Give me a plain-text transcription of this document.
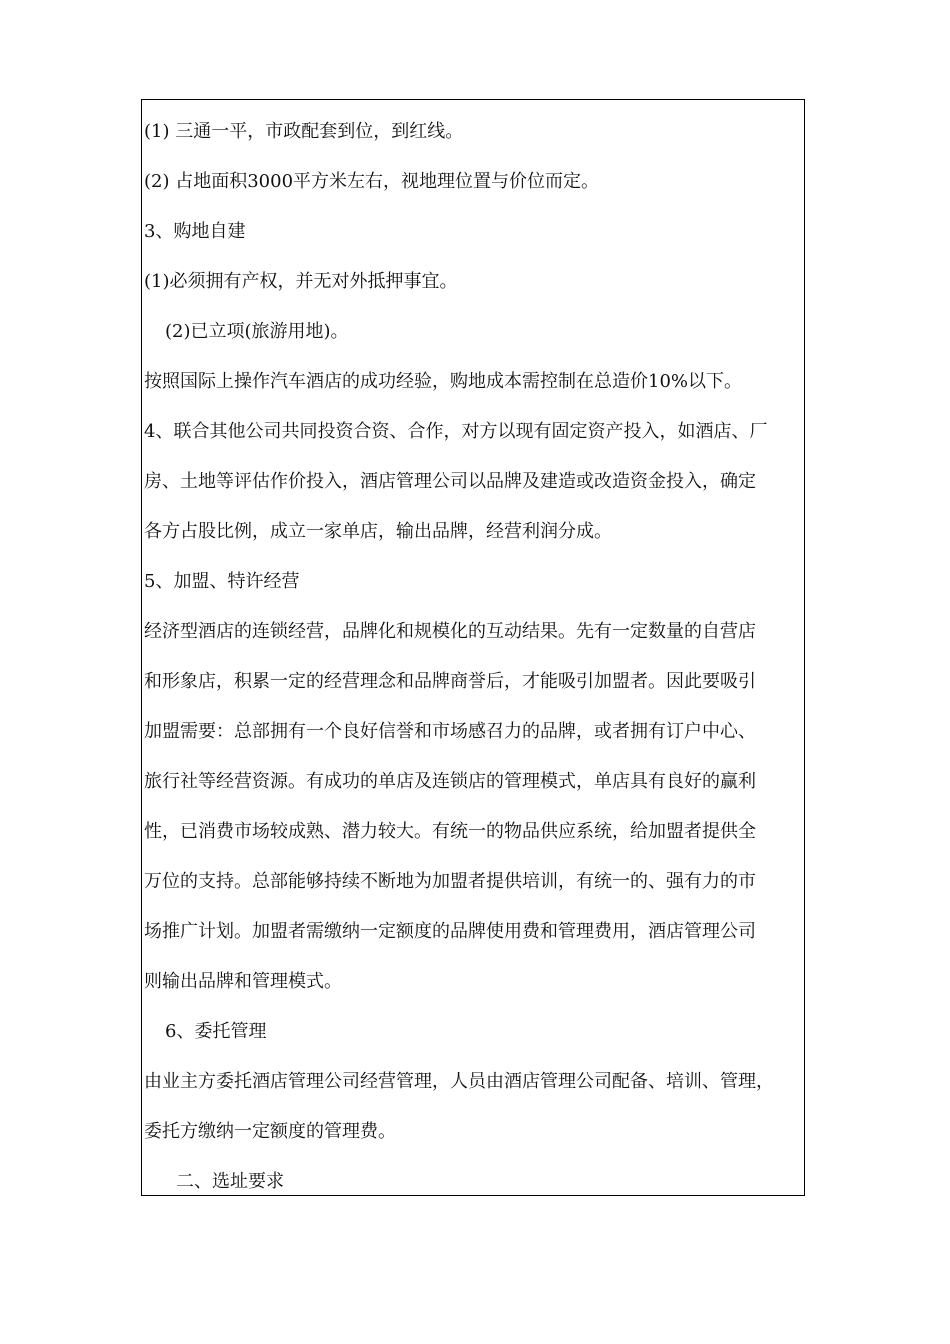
(1) 三通一平，市政配套到位，到红线。
(2) 占地面积3000平方米左右，视地理位置与价位而定。
3、购地自建
(1)必须拥有产权，并无对外抵押事宜。
(2)已立项(旅游用地)。
按照国际上操作汽车酒店的成功经验，购地成本需控制在总造价10%以下。
4、联合其他公司共同投资合资、合作，对方以现有固定资产投入，如酒店、厂
房、土地等评估作价投入，酒店管理公司以品牌及建造或改造资金投入，确定
各方占股比例，成立一家单店，输出品牌，经营利润分成。
5、加盟、特许经营
经济型酒店的连锁经营，品牌化和规模化的互动结果。先有一定数量的自营店
和形象店，积累一定的经营理念和品牌商誉后，才能吸引加盟者。因此要吸引
加盟需要：总部拥有一个良好信誉和市场感召力的品牌，或者拥有订户中心、
旅行社等经营资源。有成功的单店及连锁店的管理模式，单店具有良好的赢利
性，已消费市场较成熟、潜力较大。有统一的物品供应系统，给加盟者提供全
万位的支持。总部能够持续不断地为加盟者提供培训，有统一的、强有力的市
场推广计划。加盟者需缴纳一定额度的品牌使用费和管理费用，酒店管理公司
则输出品牌和管理模式。
6、委托管理
由业主方委托酒店管理公司经营管理，人员由酒店管理公司配备、培训、管理，
委托方缴纳一定额度的管理费。
二、选址要求
